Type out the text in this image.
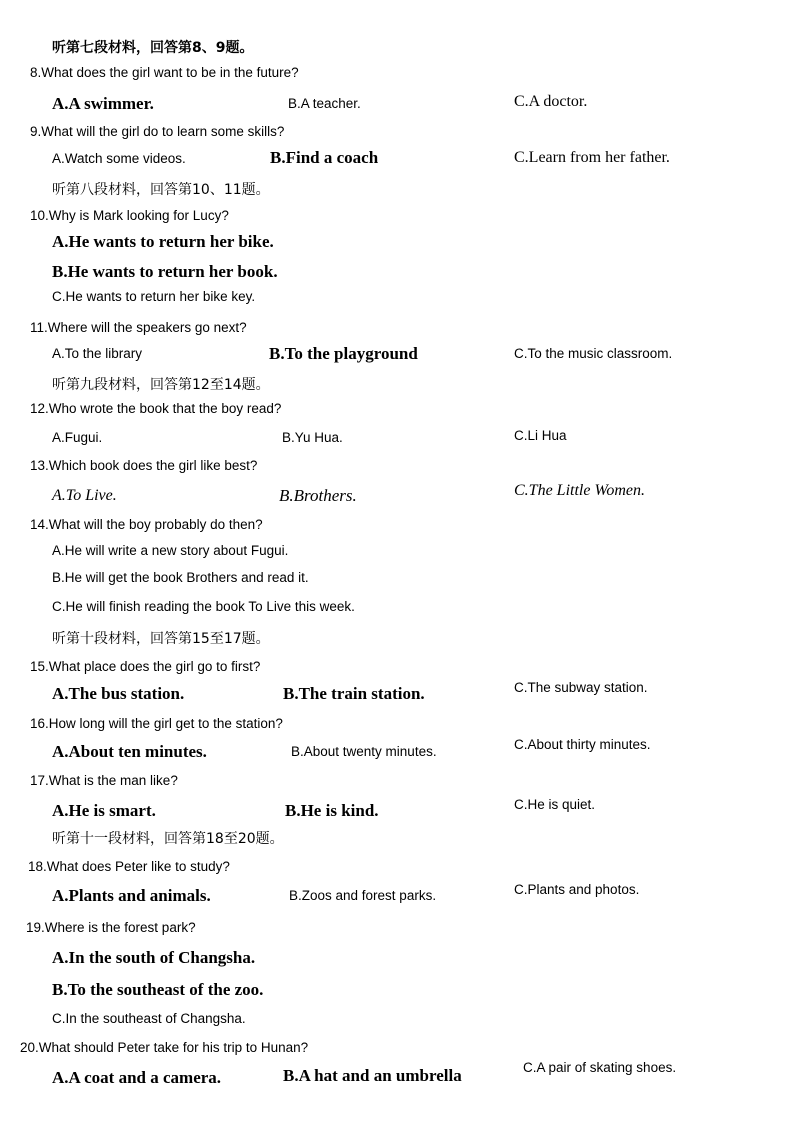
听第七段材料，回答第8、9题。
8.What does the girl want to be in the future?
A.A swimmer.	B.A teacher.	C.A doctor.
9.What will the girl do to learn some skills?
A.Watch some videos.	B.Find a coach	C.Learn from her father.
听第八段材料，回答第10、11题。
10.Why is Mark looking for Lucy?
A.He wants to return her bike.
B.He wants to return her book.
C.He wants to return her bike key.
11.Where will the speakers go next?
A.To the library	B.To the playground	C.To the music classroom.
听第九段材料，回答第12至14题。
12.Who wrote the book that the boy read?
A.Fugui.	B.Yu Hua.	C.Li Hua
13.Which book does the girl like best?
A.To Live.	B.Brothers.	C.The Little Women.
14.What will the boy probably do then?
A.He will write a new story about Fugui.
B.He will get the book Brothers and read it.
C.He will finish reading the book To Live this week.
听第十段材料，回答第15至17题。
15.What place does the girl go to first?
A.The bus station.	B.The train station.	C.The subway station.
16.How long will the girl get to the station?
A.About ten minutes.	B.About twenty minutes.	C.About thirty minutes.
17.What is the man like?
A.He is smart.	B.He is kind.	C.He is quiet.
听第十一段材料，回答第18至20题。
18.What does Peter like to study?
A.Plants and animals.	B.Zoos and forest parks.	C.Plants and photos.
19.Where is the forest park?
A.In the south of Changsha.
B.To the southeast of the zoo.
C.In the southeast of Changsha.
20.What should Peter take for his trip to Hunan?
A.A coat and a camera.	B.A hat and an umbrella	C.A pair of skating shoes.
